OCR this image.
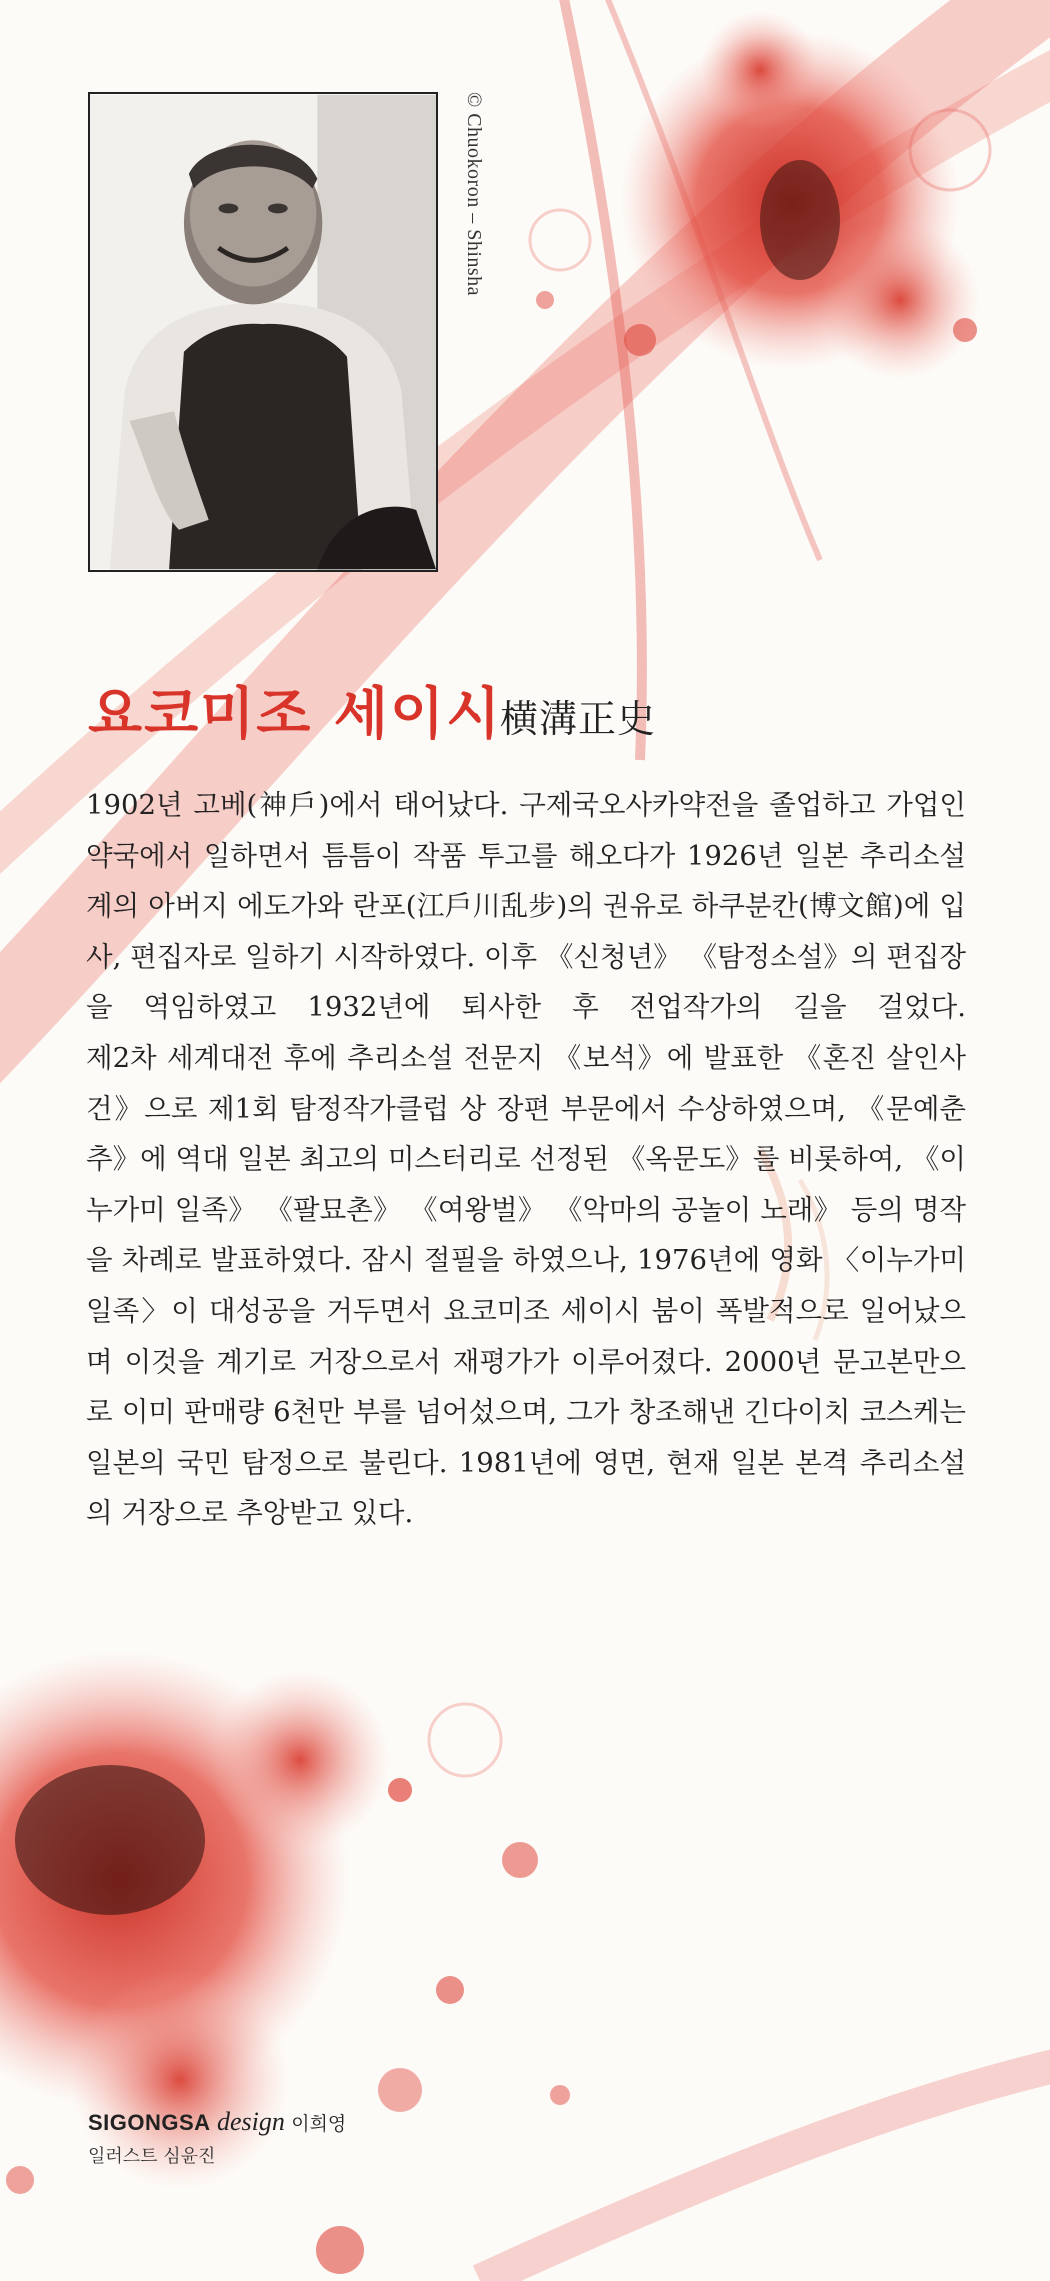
© Chuokoron – Shinsha
요코미조 세이시
横溝正史

1902년 고베(神戶)에서 태어났다. 구제국오사카약전을 졸업하고 가업인 약국에서 일하면서 틈틈이 작품 투고를 해오다가 1926년 일본 추리소설계의 아버지 에도가와 란포(江戶川乱步)의 권유로 하쿠분칸(博文館)에 입사, 편집자로 일하기 시작하였다. 이후 《신청년》 《탐정소설》의 편집장을 역임하였고 1932년에 퇴사한 후 전업작가의 길을 걸었다.

제2차 세계대전 후에 추리소설 전문지 《보석》에 발표한 《혼진 살인사건》으로 제1회 탐정작가클럽 상 장편 부문에서 수상하였으며, 《문예춘추》에 역대 일본 최고의 미스터리로 선정된 《옥문도》를 비롯하여, 《이누가미 일족》 《팔묘촌》 《여왕벌》 《악마의 공놀이 노래》 등의 명작을 차례로 발표하였다. 잠시 절필을 하였으나, 1976년에 영화 〈이누가미 일족〉이 대성공을 거두면서 요코미조 세이시 붐이 폭발적으로 일어났으며 이것을 계기로 거장으로서 재평가가 이루어졌다. 2000년 문고본만으로 이미 판매량 6천만 부를 넘어섰으며, 그가 창조해낸 긴다이치 코스케는 일본의 국민 탐정으로 불린다. 1981년에 영면, 현재 일본 본격 추리소설의 거장으로 추앙받고 있다.

SIGONGSA design 이희영
일러스트 심윤진
